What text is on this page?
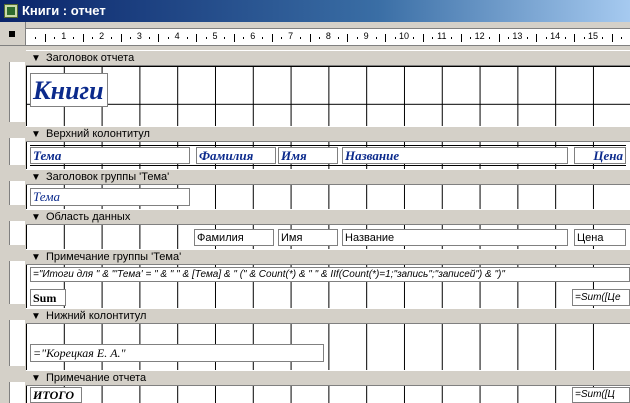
Книги : отчет
1	2	3	4	5	6	7	8	9	10	11	12	13	14	15
▼ Заголовок отчета
Книги
▼ Верхний колонтитул
Тема	Фамилия	Имя	Название	Цена
▼ Заголовок группы 'Тема'
Тема
▼ Область данных
Фамилия	Имя	Название	Цена
▼ Примечание группы 'Тема'
="Итоги для " & "'Тема' = " & " " & [Тема] & " (" & Count(*) & " " & IIf(Count(*)=1;"запись";"записей") & ")"
Sum	=Sum([Це
▼ Нижний колонтитул
="Корецкая Е. А."
▼ Примечание отчета
ИТОГО	=Sum([Ц
